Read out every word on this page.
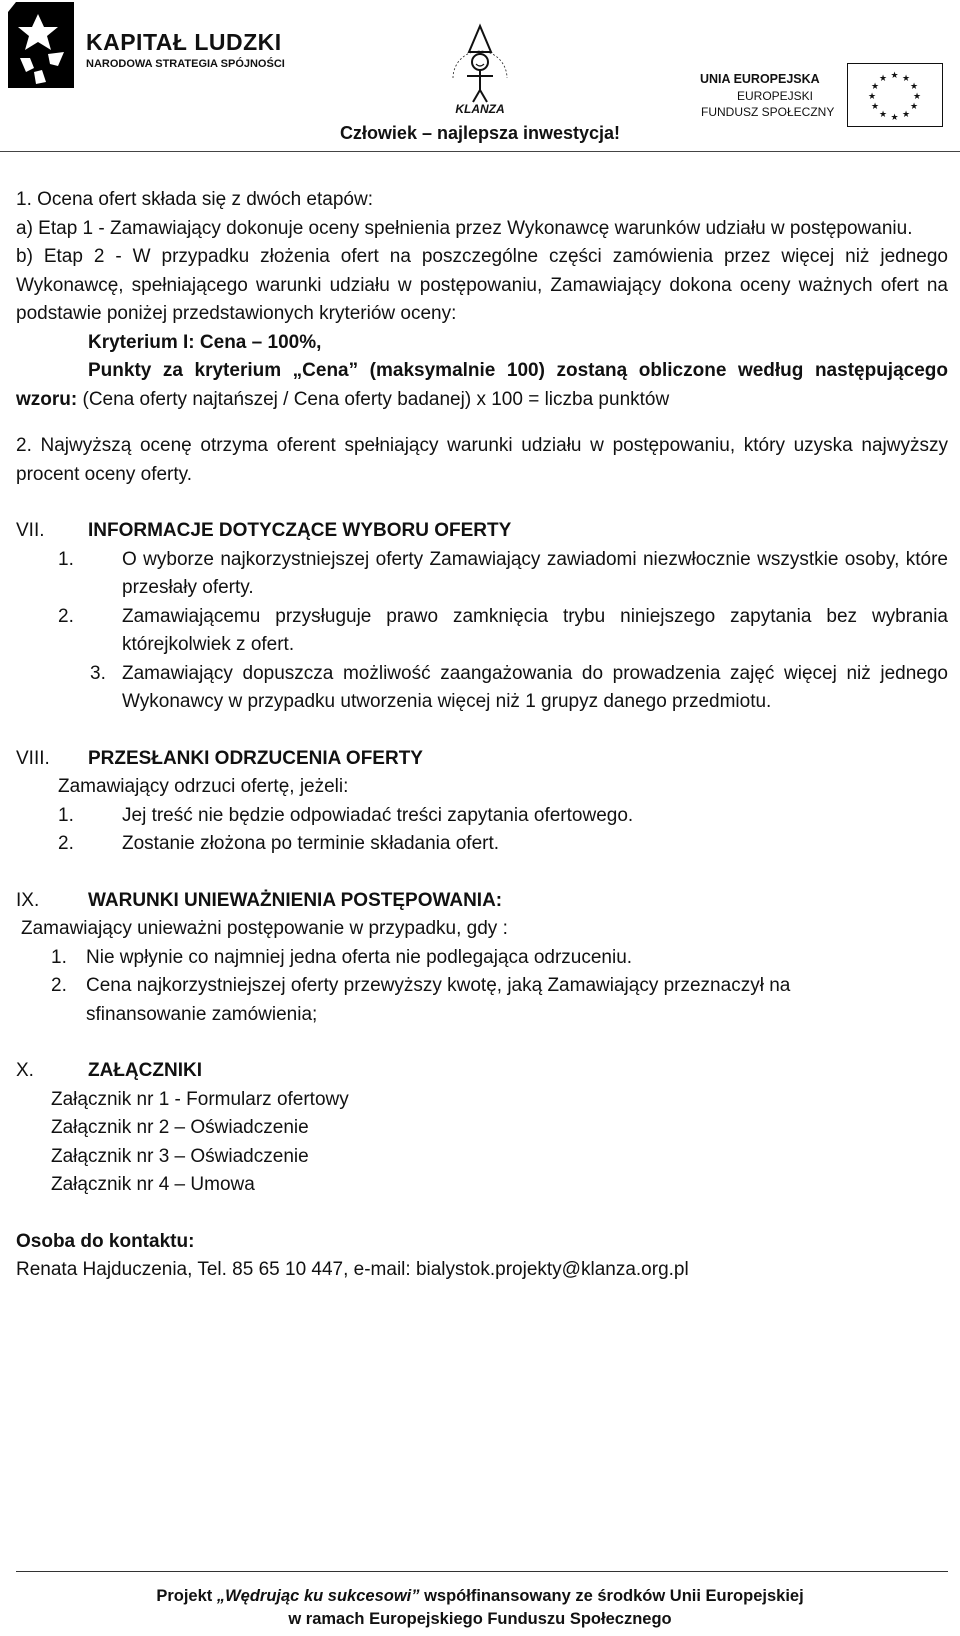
KAPITAŁ LUDZKI
NARODOWA STRATEGIA SPÓJNOŚCI
KLANZA
UNIA EUROPEJSKA
EUROPEJSKI
FUNDUSZ SPOŁECZNY
★ ★
★
★
★
★
★
★
★
★
★
★
Człowiek – najlepsza inwestycja!

1. Ocena ofert składa się z dwóch etapów:

a) Etap 1 - Zamawiający dokonuje oceny spełnienia przez Wykonawcę warunków udziału w postępowaniu.

b) Etap 2 - W przypadku złożenia ofert na poszczególne części zamówienia przez więcej niż jednego Wykonawcę, spełniającego warunki udziału w postępowaniu, Zamawiający dokona oceny ważnych ofert na podstawie poniżej przedstawionych kryteriów oceny:

Kryterium I: Cena – 100%,

Punkty za kryterium „Cena” (maksymalnie 100) zostaną obliczone według następującego wzoru: (Cena oferty najtańszej / Cena oferty badanej) x 100 = liczba punktów

2. Najwyższą ocenę otrzyma oferent spełniający warunki udziału w postępowaniu, który uzyska najwyższy procent oceny oferty.

VII.	INFORMACJE DOTYCZĄCE WYBORU OFERTY
1.	O wyborze najkorzystniejszej oferty Zamawiający zawiadomi niezwłocznie wszystkie osoby, które przesłały oferty.
2.	Zamawiającemu przysługuje prawo zamknięcia trybu niniejszego zapytania bez wybrania którejkolwiek z ofert.
3. Zamawiający dopuszcza możliwość zaangażowania do prowadzenia zajęć więcej niż jednego Wykonawcy w przypadku utworzenia więcej niż 1 grupyz danego przedmiotu.
VIII.	PRZESŁANKI ODRZUCENIA OFERTY

Zamawiający odrzuci ofertę, jeżeli:

1.	Jej treść nie będzie odpowiadać treści zapytania ofertowego.
2.	Zostanie złożona po terminie składania ofert.
IX.	WARUNKI UNIEWAŻNIENIA POSTĘPOWANIA:

Zamawiający unieważni postępowanie w przypadku, gdy :

1.	Nie wpłynie co najmniej jedna oferta nie podlegająca odrzuceniu.
2.	Cena najkorzystniejszej oferty przewyższy kwotę, jaką Zamawiający przeznaczył na sfinansowanie zamówienia;
X.	ZAŁĄCZNIKI

Załącznik nr 1 - Formularz ofertowy

Załącznik nr 2 – Oświadczenie

Załącznik nr 3 – Oświadczenie

Załącznik nr 4 – Umowa

Osoba do kontaktu:

Renata Hajduczenia, Tel. 85 65 10 447, e-mail: bialystok.projekty@klanza.org.pl

Projekt „Wędrując ku sukcesowi” współfinansowany ze środków Unii Europejskiej
w ramach Europejskiego Funduszu Społecznego
